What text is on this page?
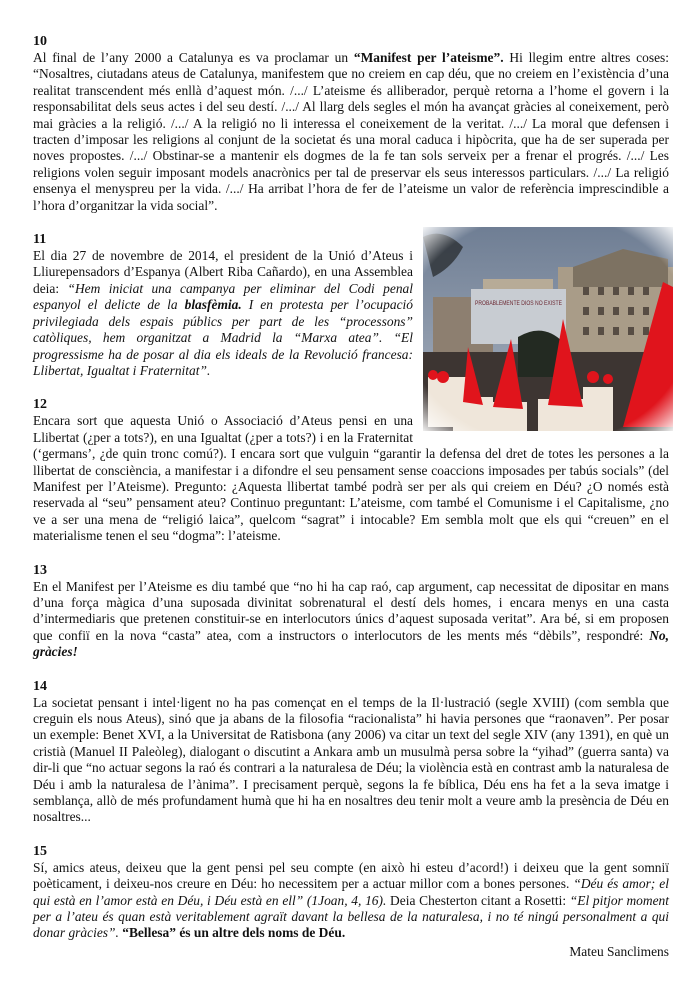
10

Al final de l’any 2000 a Catalunya es va proclamar un “Manifest per l’ateisme”. Hi llegim entre altres coses: “Nosaltres, ciutadans ateus de Catalunya, manifestem que no creiem en cap déu, que no creiem en l’existència d’una realitat transcendent més enllà d’aquest món. /.../ L’ateisme és alliberador, perquè retorna a l’home el govern i la responsabilitat dels seus actes i del seu destí. /.../ Al llarg dels segles el món ha avançat gràcies al coneixement, però mai gràcies a la religió. /.../ A la religió no li interessa el coneixement de la veritat. /.../ La moral que defensen i tracten d’imposar les religions al conjunt de la societat és una moral caduca i hipòcrita, que ha de ser superada per noves propostes. /.../ Obstinar-se a mantenir els dogmes de la fe tan sols serveix per a frenar el progrés. /.../ Les religions volen seguir imposant models anacrònics per tal de preservar els seus interessos particulars. /.../ La religió ensenya el menyspreu per la vida. /.../ Ha arribat l’hora de fer de l’ateisme un valor de referència imprescindible a l’hora d’organitzar la vida social”.

PROBABLEMENTE DIOS NO EXISTE

11

El dia 27 de novembre de 2014, el president de la Unió d’Ateus i Lliurepensadors d’Espanya (Albert Riba Cañardo), en una Assemblea deia: “Hem iniciat una campanya per eliminar del Codi penal espanyol el delicte de la blasfèmia. I en protesta per l’ocupació privilegiada dels espais públics per part de les “processons” catòliques, hem organitzat a Madrid la “Marxa atea”. “El progressisme ha de posar al dia els ideals de la Revolució francesa: Llibertat, Igualtat i Fraternitat”.

12

Encara sort que aquesta Unió o Associació d’Ateus pensi en una Llibertat (¿per a tots?), en una Igualtat (¿per a tots?) i en la Fraternitat (‘germans’, ¿de quin tronc comú?). I encara sort que vulguin “garantir la defensa del dret de totes les persones a la llibertat de consciència, a manifestar i a difondre el seu pensament sense coaccions imposades per tabús socials” (del Manifest per l’Ateisme). Pregunto: ¿Aquesta llibertat també podrà ser per als qui creiem en Déu? ¿O només està reservada al “seu” pensament ateu? Continuo preguntant: L’ateisme, com també el Comunisme i el Capitalisme, ¿no ve a ser una mena de “religió laica”, quelcom “sagrat” i intocable? Em sembla molt que els qui “creuen” en el materialisme tenen el seu “dogma”: l’ateisme.

13

En el Manifest per l’Ateisme es diu també que “no hi ha cap raó, cap argument, cap necessitat de dipositar en mans d’una força màgica d’una suposada divinitat sobrenatural el destí dels homes, i encara menys en una casta d’intermediaris que pretenen constituir-se en interlocutors únics d’aquest suposada veritat”. Ara bé, si em proposen que confiï en la nova “casta” atea, com a instructors o interlocutors de les ments més “dèbils”, respondré: No, gràcies!

14

La societat pensant i intel·ligent no ha pas començat en el temps de la Il·lustració (segle XVIII) (com sembla que creguin els nous Ateus), sinó que ja abans de la filosofia “racionalista” hi havia persones que “raonaven”. Per posar un exemple: Benet XVI, a la Universitat de Ratisbona (any 2006) va citar un text del segle XIV (any 1391), en què un cristià (Manuel II Paleòleg), dialogant o discutint a Ankara amb un musulmà persa sobre la “yihad” (guerra santa) va dir-li que “no actuar segons la raó és contrari a la naturalesa de Déu; la violència està en contrast amb la naturalesa de Déu i amb la naturalesa de l’ànima”. I precisament perquè, segons la fe bíblica, Déu ens ha fet a la seva imatge i semblança, allò de més profundament humà que hi ha en nosaltres deu tenir molt a veure amb la presència de Déu en nosaltres...

15

Sí, amics ateus, deixeu que la gent pensi pel seu compte (en això hi esteu d’acord!) i deixeu que la gent somniï poèticament, i deixeu-nos creure en Déu: ho necessitem per a actuar millor com a bones persones. “Déu és amor; el qui està en l’amor està en Déu, i Déu està en ell” (1Joan, 4, 16). Deia Chesterton citant a Rosetti: “El pitjor moment per a l’ateu és quan està veritablement agraït davant la bellesa de la naturalesa, i no té ningú personalment a qui donar gràcies”. “Bellesa” és un altre dels noms de Déu.

Mateu Sanclimens
